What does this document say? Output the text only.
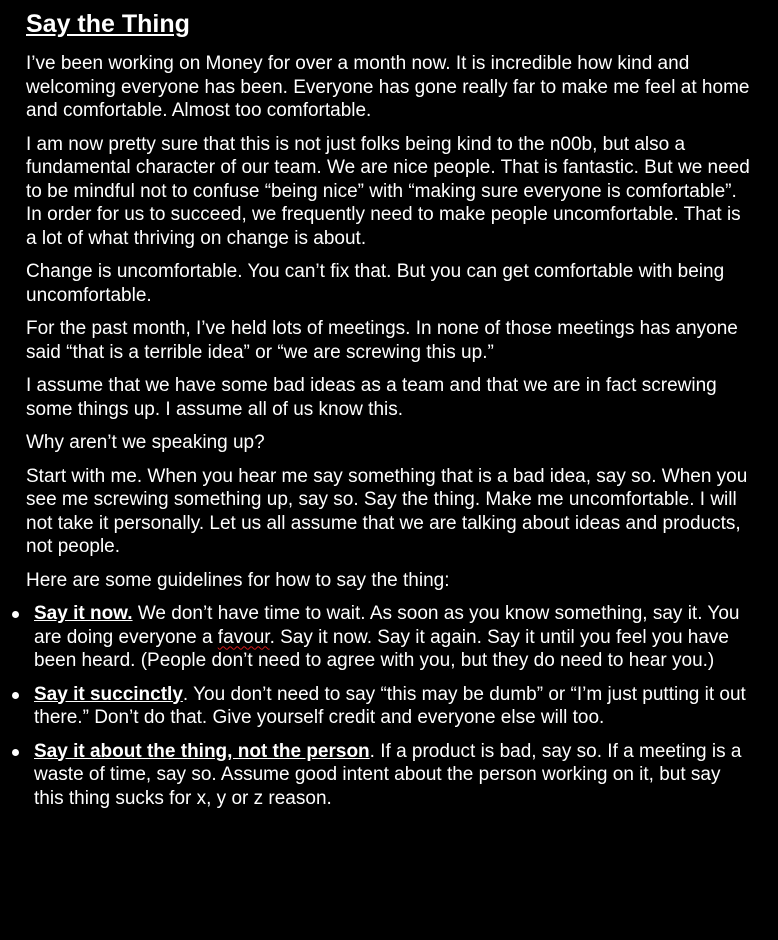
Say the Thing

I’ve been working on Money for over a month now. It is incredible how kind and welcoming everyone has been. Everyone has gone really far to make me feel at home and comfortable. Almost too comfortable.

I am now pretty sure that this is not just folks being kind to the n00b, but also a fundamental character of our team. We are nice people. That is fantastic. But we need to be mindful not to confuse “being nice” with “making sure everyone is comfortable”. In order for us to succeed, we frequently need to make people uncomfortable. That is a lot of what thriving on change is about.

Change is uncomfortable. You can’t fix that. But you can get comfortable with being uncomfortable.

For the past month, I’ve held lots of meetings. In none of those meetings has anyone said “that is a terrible idea” or “we are screwing this up.”

I assume that we have some bad ideas as a team and that we are in fact screwing some things up. I assume all of us know this.

Why aren’t we speaking up?

Start with me. When you hear me say something that is a bad idea, say so. When you see me screwing something up, say so. Say the thing. Make me uncomfortable. I will not take it personally. Let us all assume that we are talking about ideas and products, not people.

Here are some guidelines for how to say the thing:

Say it now. We don’t have time to wait. As soon as you know something, say it. You are doing everyone a favour. Say it now. Say it again. Say it until you feel you have been heard. (People don’t need to agree with you, but they do need to hear you.)
Say it succinctly. You don’t need to say “this may be dumb” or “I’m just putting it out there.” Don’t do that. Give yourself credit and everyone else will too.
Say it about the thing, not the person. If a product is bad, say so. If a meeting is a waste of time, say so. Assume good intent about the person working on it, but say this thing sucks for x, y or z reason.
